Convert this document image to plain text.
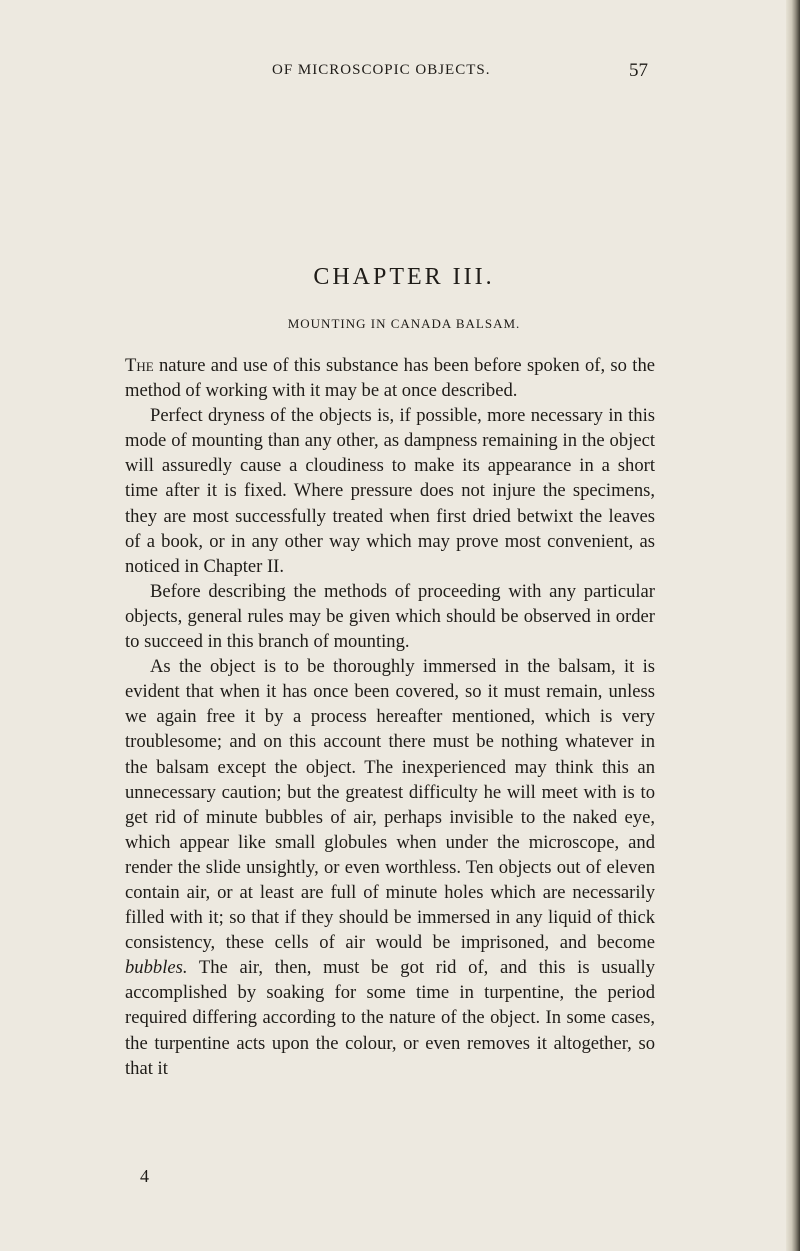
OF MICROSCOPIC OBJECTS.	57
CHAPTER III.
MOUNTING IN CANADA BALSAM.

The nature and use of this substance has been before spoken of, so the method of working with it may be at once described.

Perfect dryness of the objects is, if possible, more necessary in this mode of mounting than any other, as dampness remaining in the object will assuredly cause a cloudiness to make its appearance in a short time after it is fixed. Where pressure does not injure the specimens, they are most successfully treated when first dried betwixt the leaves of a book, or in any other way which may prove most convenient, as noticed in Chapter II.

Before describing the methods of proceeding with any particular objects, general rules may be given which should be observed in order to succeed in this branch of mounting.

As the object is to be thoroughly immersed in the balsam, it is evident that when it has once been covered, so it must remain, unless we again free it by a process hereafter mentioned, which is very troublesome; and on this account there must be nothing whatever in the balsam except the object. The inexperienced may think this an unnecessary caution; but the greatest difficulty he will meet with is to get rid of minute bubbles of air, perhaps invisible to the naked eye, which appear like small globules when under the microscope, and render the slide unsightly, or even worthless. Ten objects out of eleven contain air, or at least are full of minute holes which are necessarily filled with it; so that if they should be immersed in any liquid of thick consistency, these cells of air would be imprisoned, and become bubbles. The air, then, must be got rid of, and this is usually accomplished by soaking for some time in turpentine, the period required differing according to the nature of the object. In some cases, the turpentine acts upon the colour, or even removes it altogether, so that it

4
